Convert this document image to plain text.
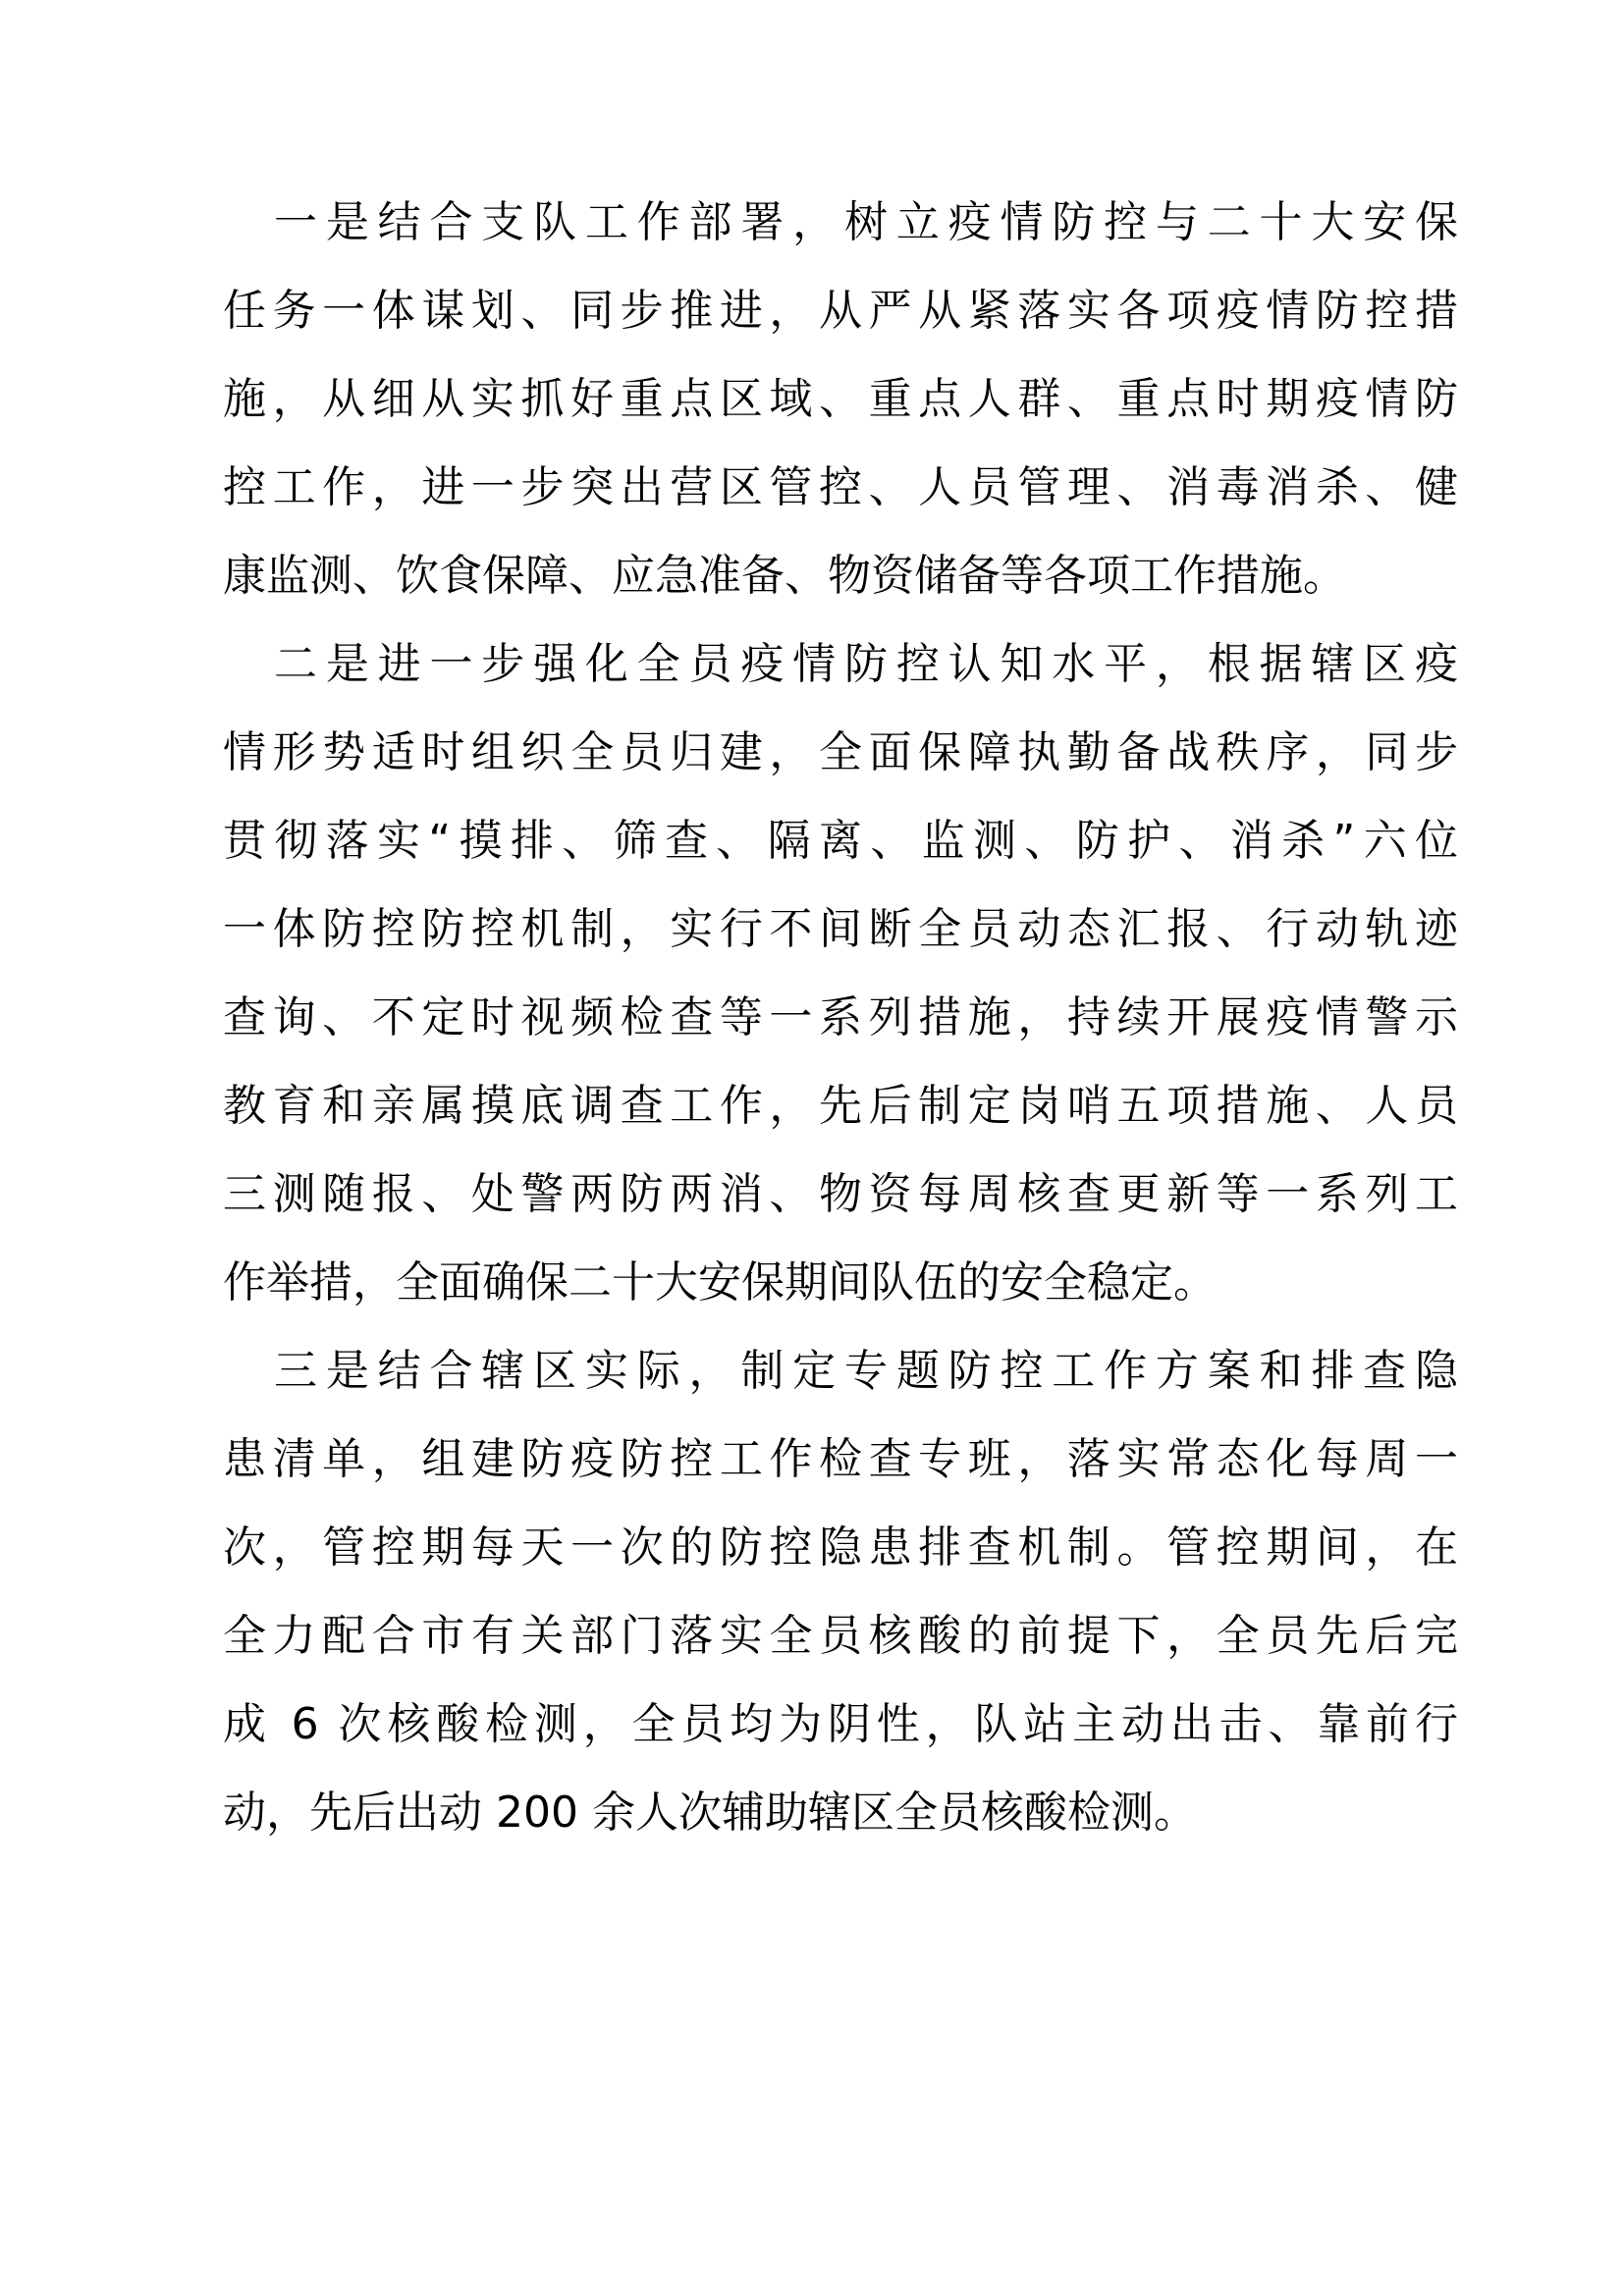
一是结合支队工作部署，树立疫情防控与二十大安保
任务一体谋划、同步推进，从严从紧落实各项疫情防控措
施，从细从实抓好重点区域、重点人群、重点时期疫情防
控工作，进一步突出营区管控、人员管理、消毒消杀、健
康监测、饮食保障、应急准备、物资储备等各项工作措施。
二是进一步强化全员疫情防控认知水平，根据辖区疫
情形势适时组织全员归建，全面保障执勤备战秩序，同步
贯彻落实“摸排、筛查、隔离、监测、防护、消杀”六位
一体防控防控机制，实行不间断全员动态汇报、行动轨迹
查询、不定时视频检查等一系列措施，持续开展疫情警示
教育和亲属摸底调查工作，先后制定岗哨五项措施、人员
三测随报、处警两防两消、物资每周核查更新等一系列工
作举措，全面确保二十大安保期间队伍的安全稳定。
三是结合辖区实际，制定专题防控工作方案和排查隐
患清单，组建防疫防控工作检查专班，落实常态化每周一
次，管控期每天一次的防控隐患排查机制。管控期间，在
全力配合市有关部门落实全员核酸的前提下，全员先后完
成 6 次核酸检测，全员均为阴性，队站主动出击、靠前行
动，先后出动 200 余人次辅助辖区全员核酸检测。
